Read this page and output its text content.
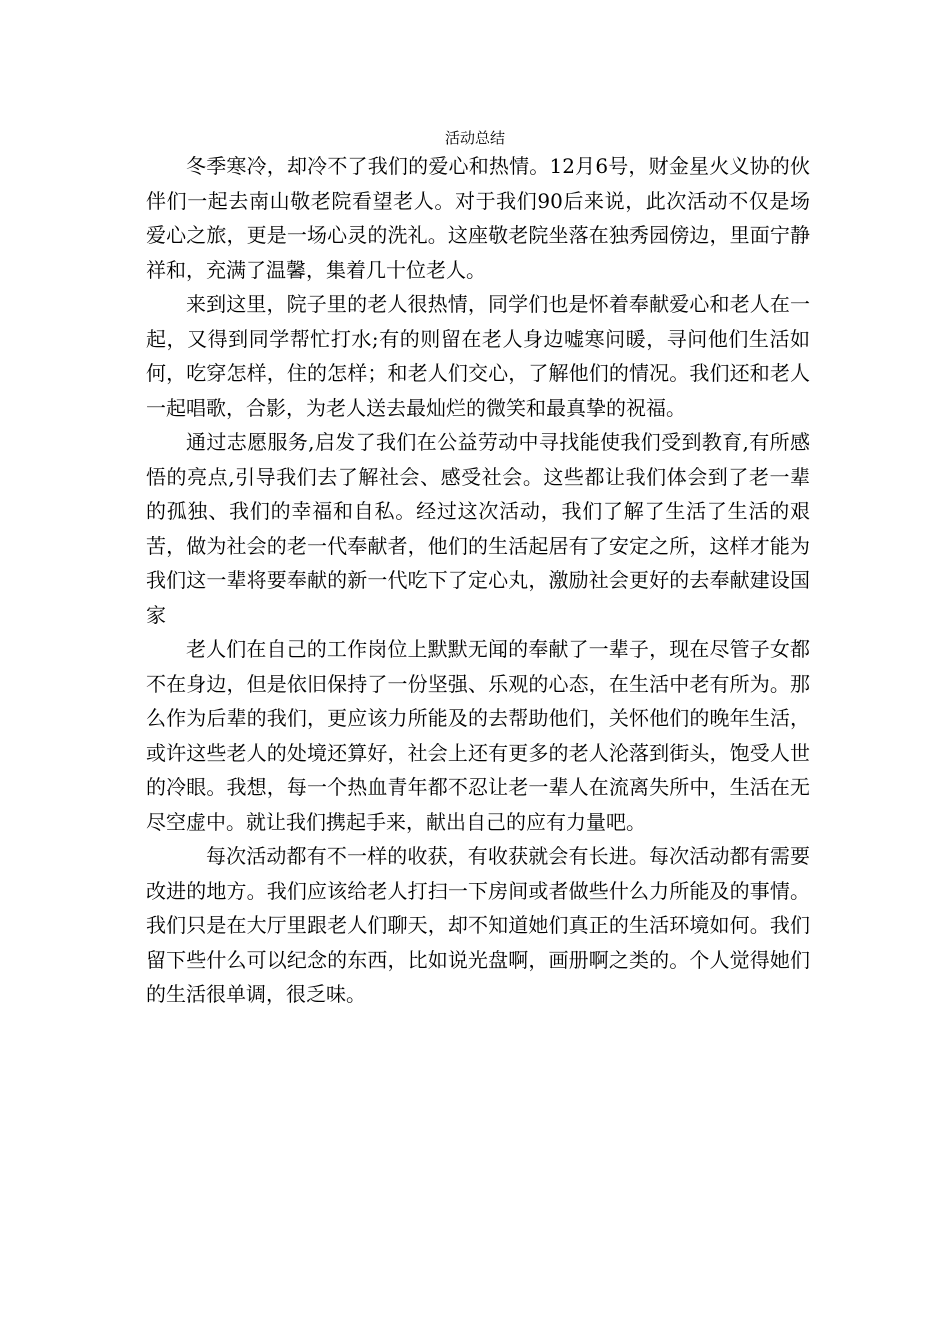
活动总结

冬季寒冷，却冷不了我们的爱心和热情。12月6号，财金星火义协的伙伴们一起去南山敬老院看望老人。对于我们90后来说，此次活动不仅是场爱心之旅，更是一场心灵的洗礼。这座敬老院坐落在独秀园傍边，里面宁静祥和，充满了温馨，集着几十位老人。

来到这里，院子里的老人很热情，同学们也是怀着奉献爱心和老人在一起，又得到同学帮忙打水;有的则留在老人身边嘘寒问暖，寻问他们生活如何，吃穿怎样，住的怎样；和老人们交心，了解他们的情况。我们还和老人一起唱歌，合影，为老人送去最灿烂的微笑和最真挚的祝福。

通过志愿服务,启发了我们在公益劳动中寻找能使我们受到教育,有所感悟的亮点,引导我们去了解社会、感受社会。这些都让我们体会到了老一辈的孤独、我们的幸福和自私。经过这次活动，我们了解了生活了生活的艰苦，做为社会的老一代奉献者，他们的生活起居有了安定之所，这样才能为我们这一辈将要奉献的新一代吃下了定心丸，激励社会更好的去奉献建设国家

老人们在自己的工作岗位上默默无闻的奉献了一辈子，现在尽管子女都不在身边，但是依旧保持了一份坚强、乐观的心态，在生活中老有所为。那么作为后辈的我们，更应该力所能及的去帮助他们，关怀他们的晚年生活，或许这些老人的处境还算好，社会上还有更多的老人沦落到街头，饱受人世的冷眼。我想，每一个热血青年都不忍让老一辈人在流离失所中，生活在无尽空虚中。就让我们携起手来，献出自己的应有力量吧。

每次活动都有不一样的收获，有收获就会有长进。每次活动都有需要改进的地方。我们应该给老人打扫一下房间或者做些什么力所能及的事情。我们只是在大厅里跟老人们聊天，却不知道她们真正的生活环境如何。我们留下些什么可以纪念的东西，比如说光盘啊，画册啊之类的。个人觉得她们的生活很单调，很乏味。
